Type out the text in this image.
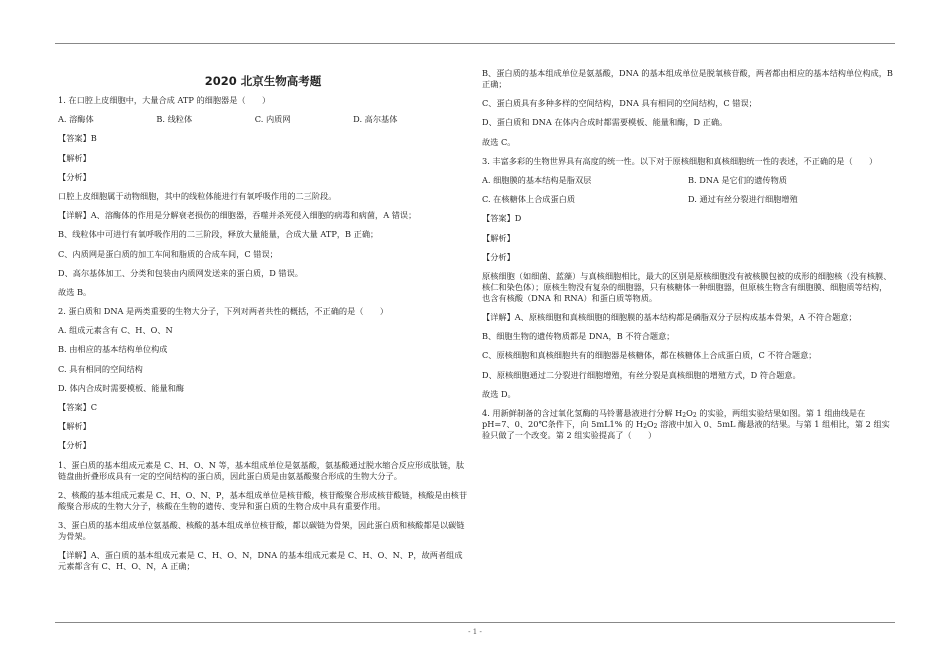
2020 北京生物高考题
1. 在口腔上皮细胞中，大量合成 ATP 的细胞器是（　　）
A. 溶酶体	B. 线粒体	C. 内质网	D. 高尔基体
【答案】B
【解析】
【分析】
口腔上皮细胞属于动物细胞，其中的线粒体能进行有氧呼吸作用的二三阶段。
【详解】A、溶酶体的作用是分解衰老损伤的细胞器，吞噬并杀死侵入细胞的病毒和病菌，A 错误；
B、线粒体中可进行有氧呼吸作用的二三阶段，释放大量能量，合成大量 ATP，B 正确；
C、内质网是蛋白质的加工车间和脂质的合成车间，C 错误；
D、高尔基体加工、分类和包装由内质网发送来的蛋白质，D 错误。
故选 B。
2. 蛋白质和 DNA 是两类重要的生物大分子，下列对两者共性的概括，不正确的是（　　）
A. 组成元素含有 C、H、O、N
B. 由相应的基本结构单位构成
C. 具有相同的空间结构
D. 体内合成时需要模板、能量和酶
【答案】C
【解析】
【分析】
1、蛋白质的基本组成元素是 C、H、O、N 等，基本组成单位是氨基酸，氨基酸通过脱水缩合反应形成肽链，肽链盘曲折叠形成具有一定的空间结构的蛋白质，因此蛋白质是由氨基酸聚合形成的生物大分子。
2、核酸的基本组成元素是 C、H、O、N、P，基本组成单位是核苷酸，核苷酸聚合形成核苷酸链，核酸是由核苷酸聚合形成的生物大分子，核酸在生物的遗传、变异和蛋白质的生物合成中具有重要作用。
3、蛋白质的基本组成单位氨基酸、核酸的基本组成单位核苷酸，都以碳链为骨架，因此蛋白质和核酸都是以碳链为骨架。
【详解】A、蛋白质的基本组成元素是 C、H、O、N，DNA 的基本组成元素是 C、H、O、N、P，故两者组成元素都含有 C、H、O、N，A 正确；
B、蛋白质的基本组成单位是氨基酸，DNA 的基本组成单位是脱氧核苷酸，两者都由相应的基本结构单位构成，B 正确；
C、蛋白质具有多种多样的空间结构，DNA 具有相同的空间结构，C 错误；
D、蛋白质和 DNA 在体内合成时都需要模板、能量和酶，D 正确。
故选 C。
3. 丰富多彩的生物世界具有高度的统一性。以下对于原核细胞和真核细胞统一性的表述，不正确的是（　　）
A. 细胞膜的基本结构是脂双层	B. DNA 是它们的遗传物质
C. 在核糖体上合成蛋白质	D. 通过有丝分裂进行细胞增殖
【答案】D
【解析】
【分析】
原核细胞（如细菌、蓝藻）与真核细胞相比，最大的区别是原核细胞没有被核膜包被的成形的细胞核（没有核膜、核仁和染色体）；原核生物没有复杂的细胞器，只有核糖体一种细胞器，但原核生物含有细胞膜、细胞质等结构，也含有核酸（DNA 和 RNA）和蛋白质等物质。
【详解】A、原核细胞和真核细胞的细胞膜的基本结构都是磷脂双分子层构成基本骨架，A 不符合题意；
B、细胞生物的遗传物质都是 DNA，B 不符合题意；
C、原核细胞和真核细胞共有的细胞器是核糖体，都在核糖体上合成蛋白质，C 不符合题意；
D、原核细胞通过二分裂进行细胞增殖，有丝分裂是真核细胞的增殖方式，D 符合题意。
故选 D。
4. 用新鲜制备的含过氧化氢酶的马铃薯悬液进行分解 $H_2O_2$ 的实验，两组实验结果如图。第 1 组曲线是在 pH=7、0、20℃条件下，向 5mL1% 的 $H_2O_2$ 溶液中加入 0、5mL 酶悬液的结果。与第 1 组相比，第 2 组实验只做了一个改变。第 2 组实验提高了（　　）
- 1 -
